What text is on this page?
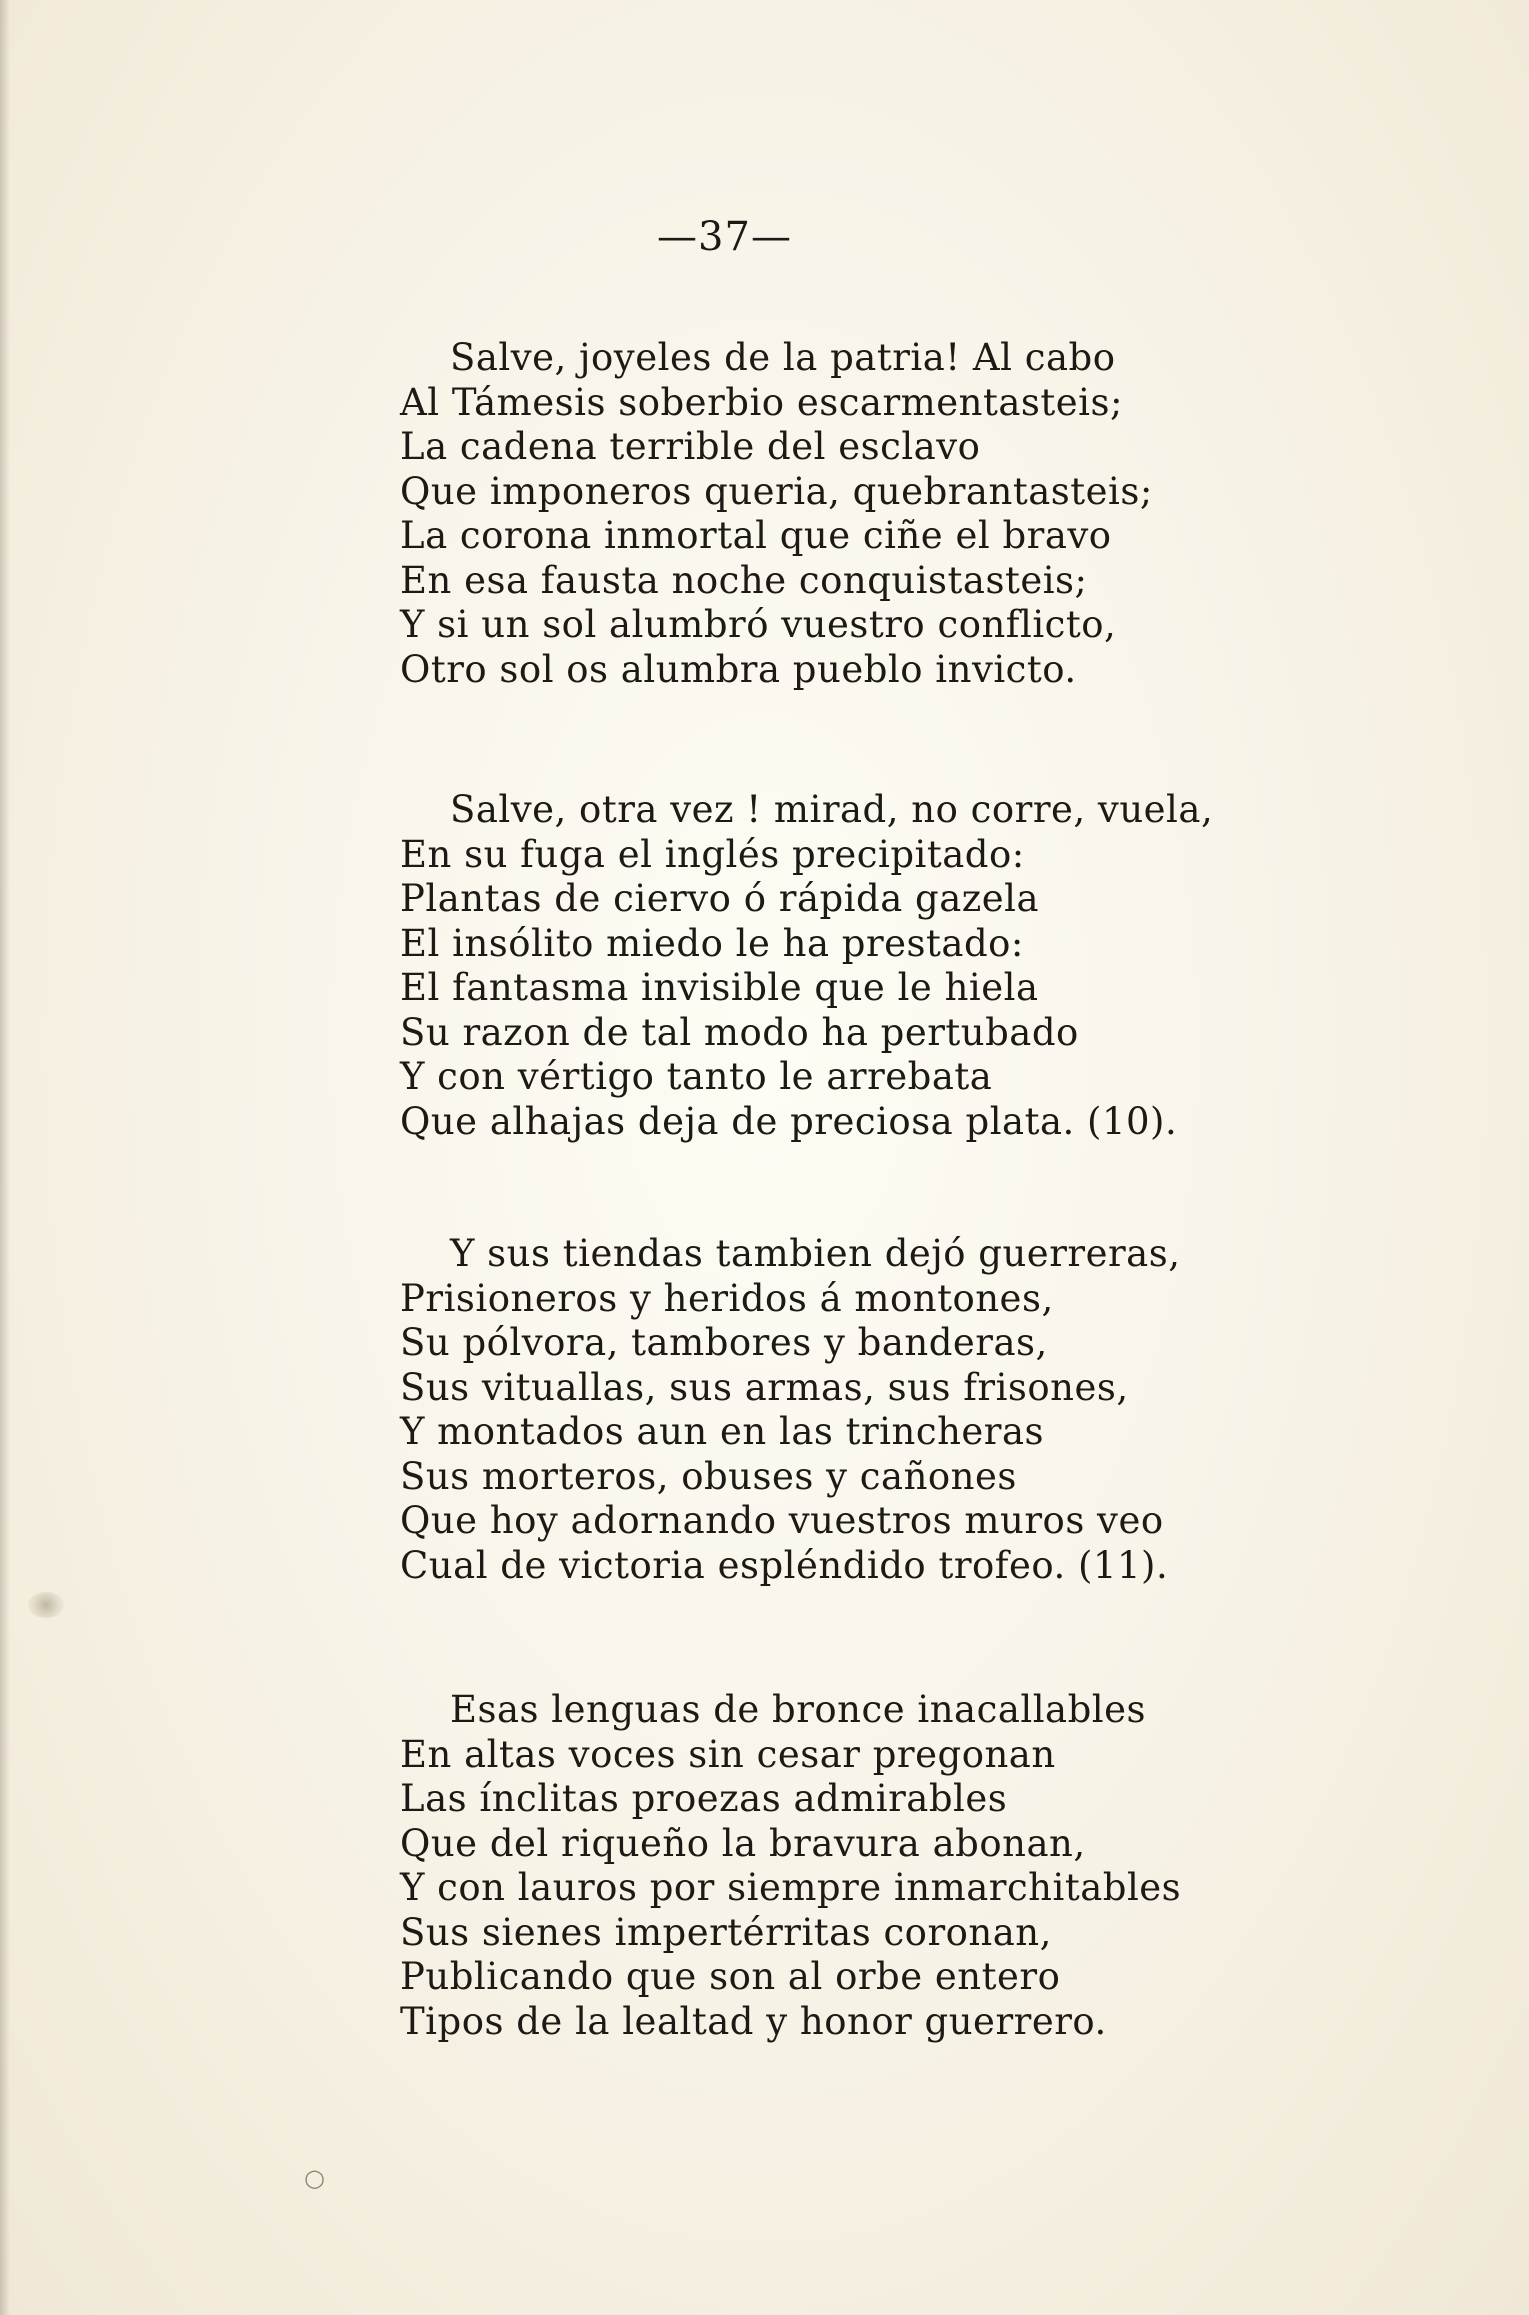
—37—
Salve, joyeles de la patria! Al cabo
Al Támesis soberbio escarmentasteis;
La cadena terrible del esclavo
Que imponeros queria, quebrantasteis;
La corona inmortal que ciñe el bravo
En esa fausta noche conquistasteis;
Y si un sol alumbró vuestro conflicto,
Otro sol os alumbra pueblo invicto.
Salve, otra vez ! mirad, no corre, vuela,
En su fuga el inglés precipitado:
Plantas de ciervo ó rápida gazela
El insólito miedo le ha prestado:
El fantasma invisible que le hiela
Su razon de tal modo ha pertubado
Y con vértigo tanto le arrebata
Que alhajas deja de preciosa plata. (10).
Y sus tiendas tambien dejó guerreras,
Prisioneros y heridos á montones,
Su pólvora, tambores y banderas,
Sus vituallas, sus armas, sus frisones,
Y montados aun en las trincheras
Sus morteros, obuses y cañones
Que hoy adornando vuestros muros veo
Cual de victoria espléndido trofeo. (11).
Esas lenguas de bronce inacallables
En altas voces sin cesar pregonan
Las ínclitas proezas admirables
Que del riqueño la bravura abonan,
Y con lauros por siempre inmarchitables
Sus sienes impertérritas coronan,
Publicando que son al orbe entero
Tipos de la lealtad y honor guerrero.
○
